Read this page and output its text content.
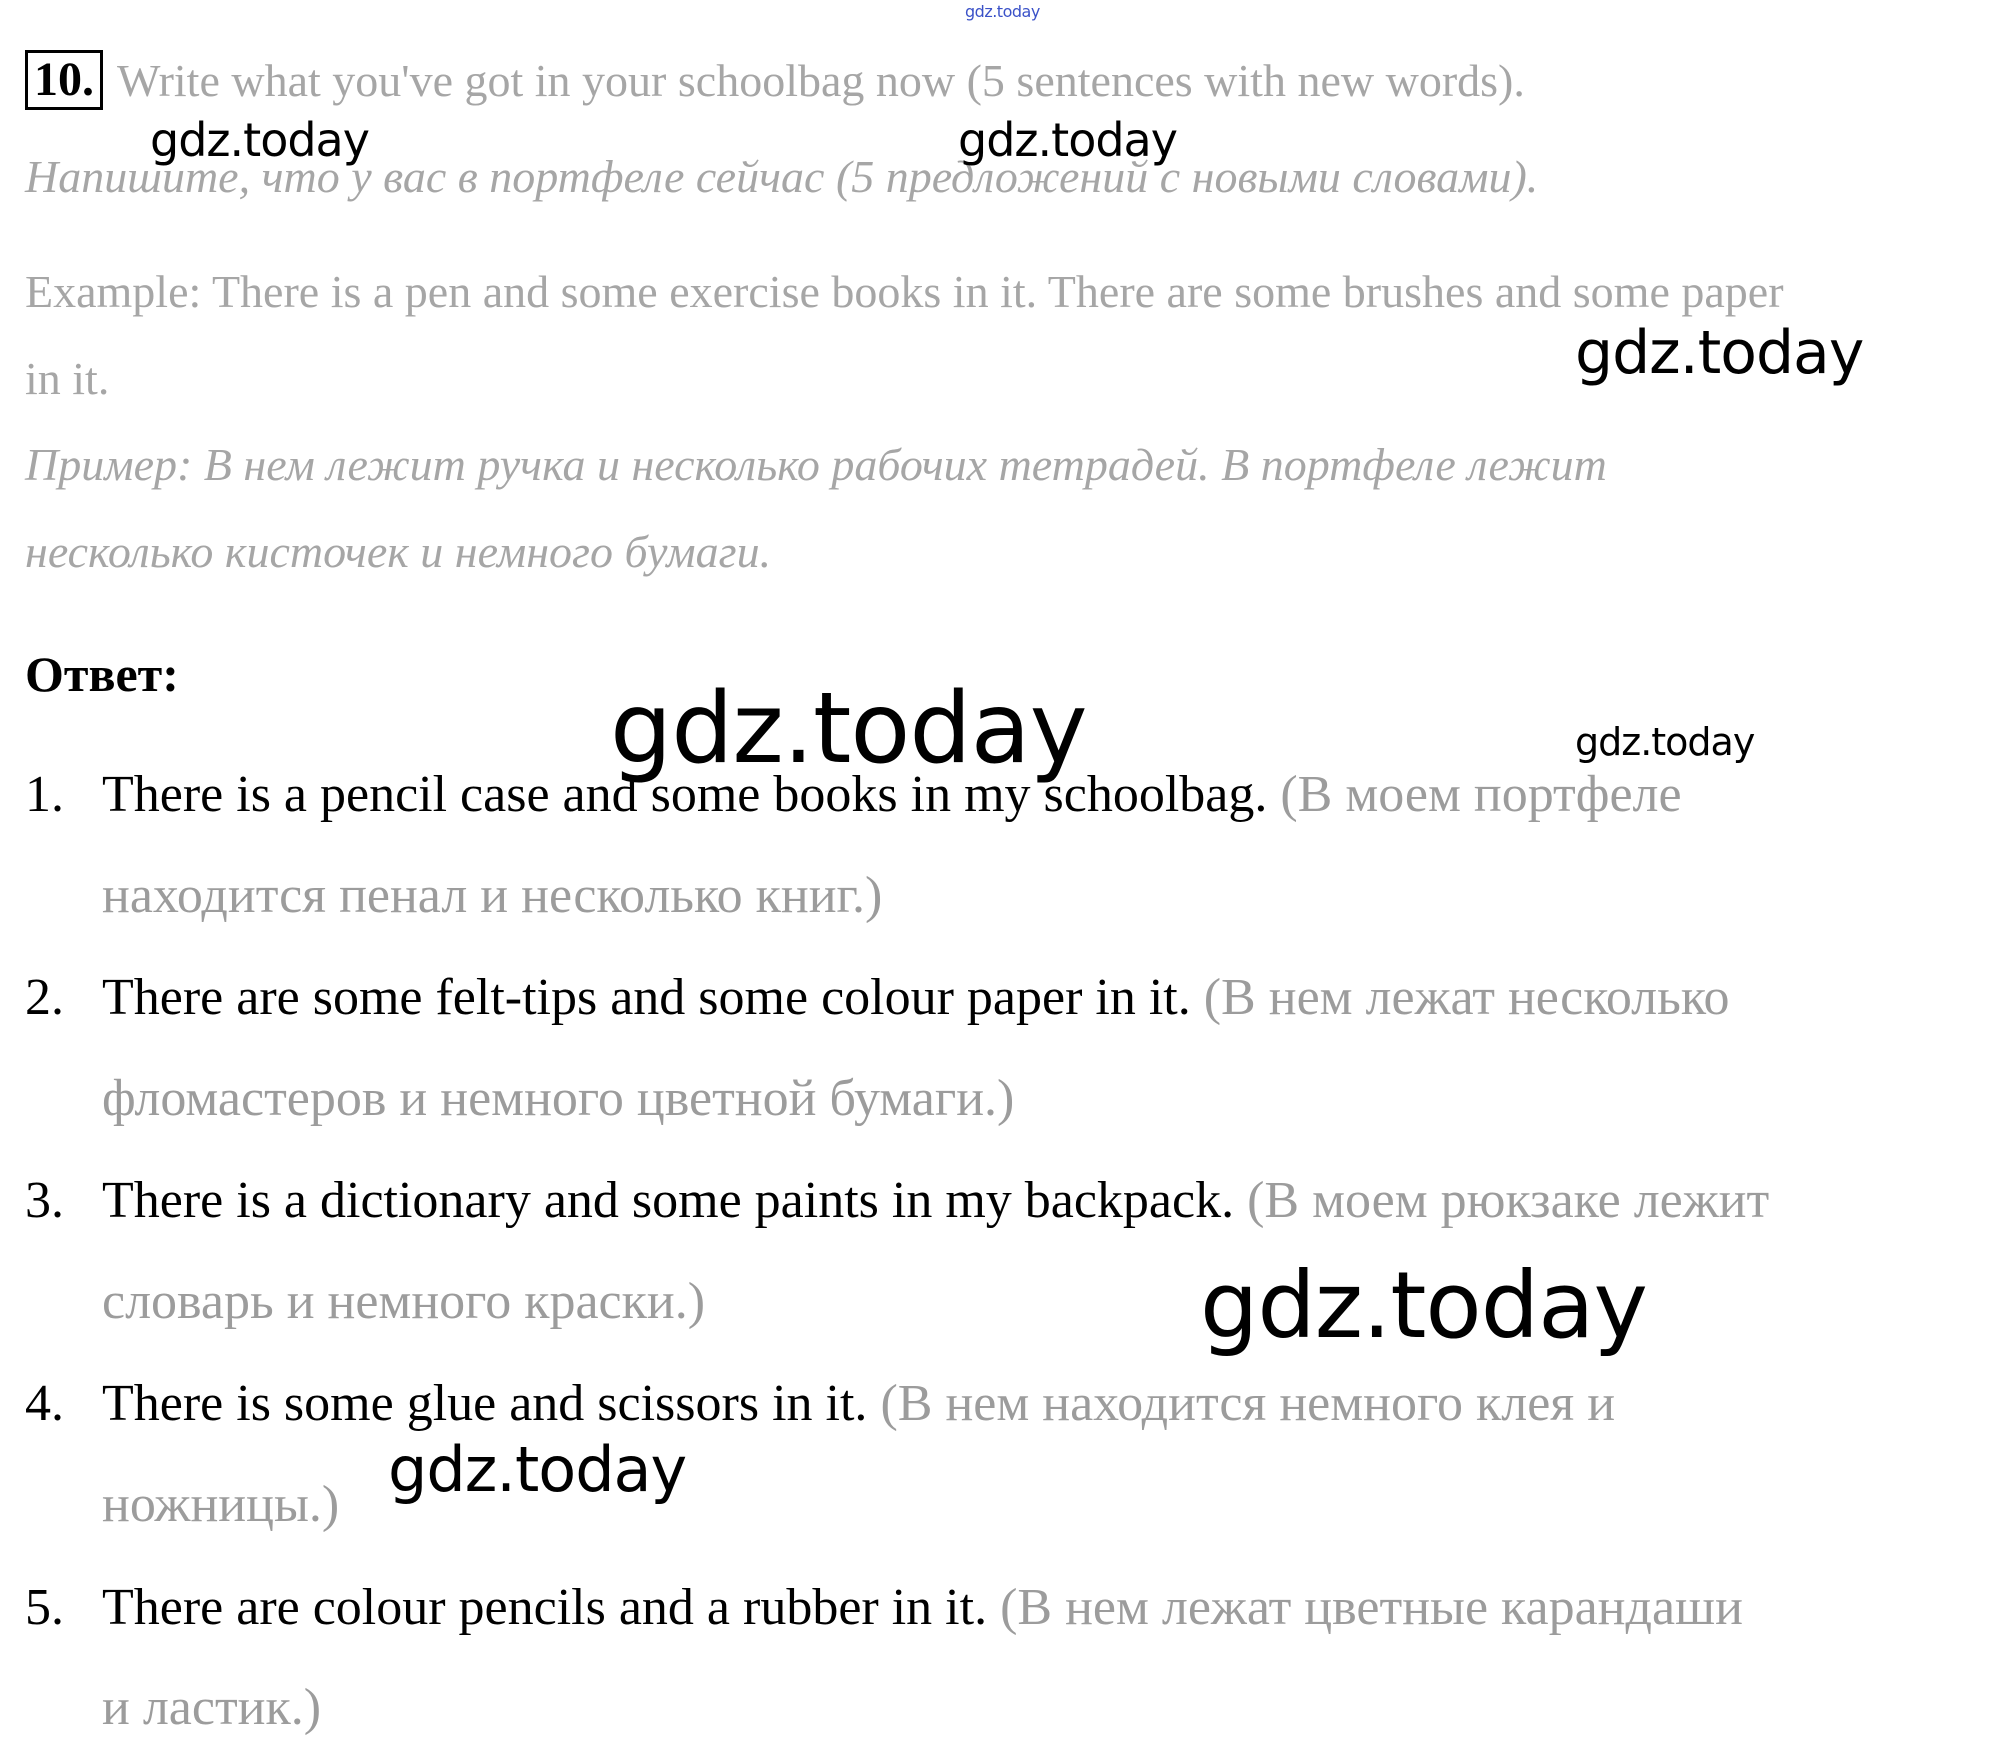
gdz.today
10. Write what you've got in your schoolbag now (5 sentences with new words).
Напишите, что у вас в портфеле сейчас (5 предложений с новыми словами).
Example: There is a pen and some exercise books in it. There are some brushes and some paper
in it.
Пример: В нем лежит ручка и несколько рабочих тетрадей. В портфеле лежит
несколько кисточек и немного бумаги.
Ответ:
1. There is a pencil case and some books in my schoolbag. (В моем портфеле
находится пенал и несколько книг.)
2. There are some felt-tips and some colour paper in it. (В нем лежат несколько
фломастеров и немного цветной бумаги.)
3. There is a dictionary and some paints in my backpack. (В моем рюкзаке лежит
словарь и немного краски.)
4. There is some glue and scissors in it. (В нем находится немного клея и
ножницы.)
5. There are colour pencils and a rubber in it. (В нем лежат цветные карандаши
и ластик.)
gdz.today	gdz.today
gdz.today
gdz.today	gdz.today
gdz.today
gdz.today
